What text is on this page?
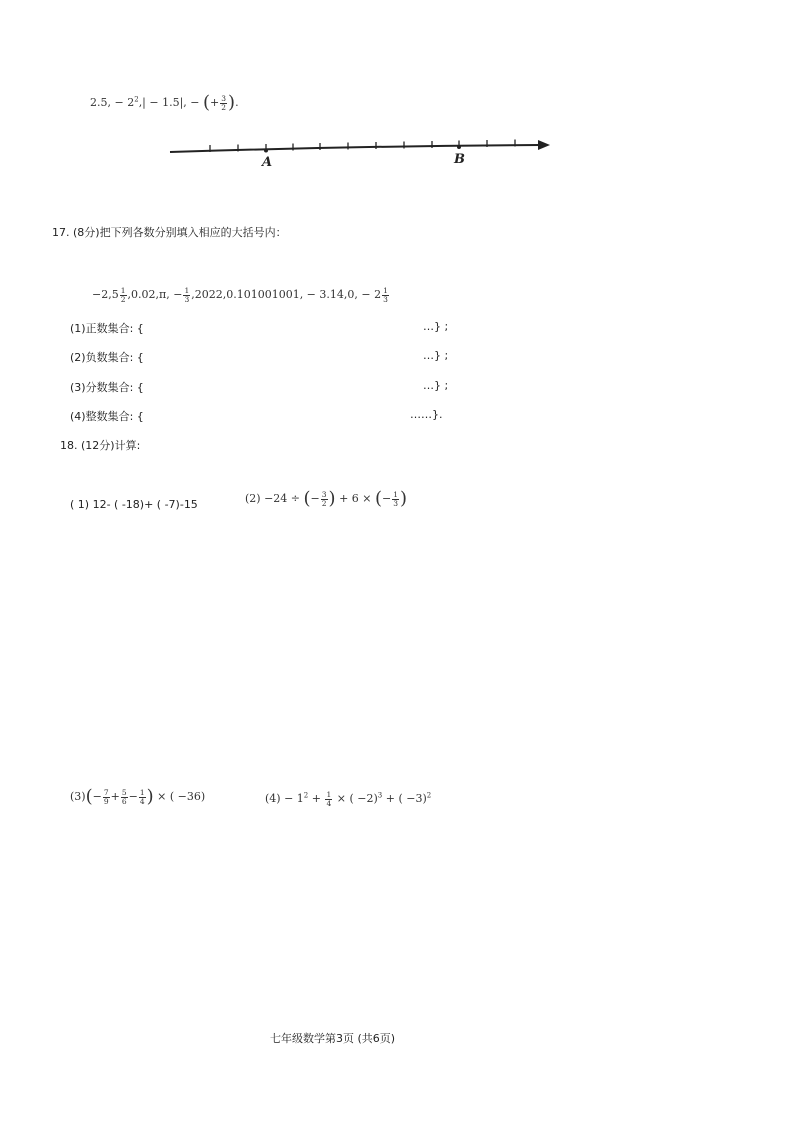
2.5, − $2^2,| - 1.5|$, − (+ $\frac{3}{2}$ ).
A	B
17. (8分)把下列各数分别填入相应的大括号内：
$-2,5 \frac{1}{2} ,0.02,\pi$, − $\frac{1}{3} ,2022,0.101001001$, − 3.14,0, − $2 \frac{1}{3}$
(1)正数集合: {	…} ;
(2)负数集合: {	…} ;
(3)分数集合: {	…} ;
(4)整数集合: {	……}.
18. (12分)计算:
( 1) 12- ( -18)+ ( -7)-15	(2) −24 ÷ (− $\frac{3}{2}$ ) + 6 × (− $\frac{1}{3}$ )
$(3)(- \frac{7}{9} + \frac{5}{6} - \frac{1}{4}$ ) × ( −36)	$(4) - 1^2 + \frac{1}{4}$ × ( −2)$^3$ + ( −3)$^2$
七年级数学第3页 (共6页)
